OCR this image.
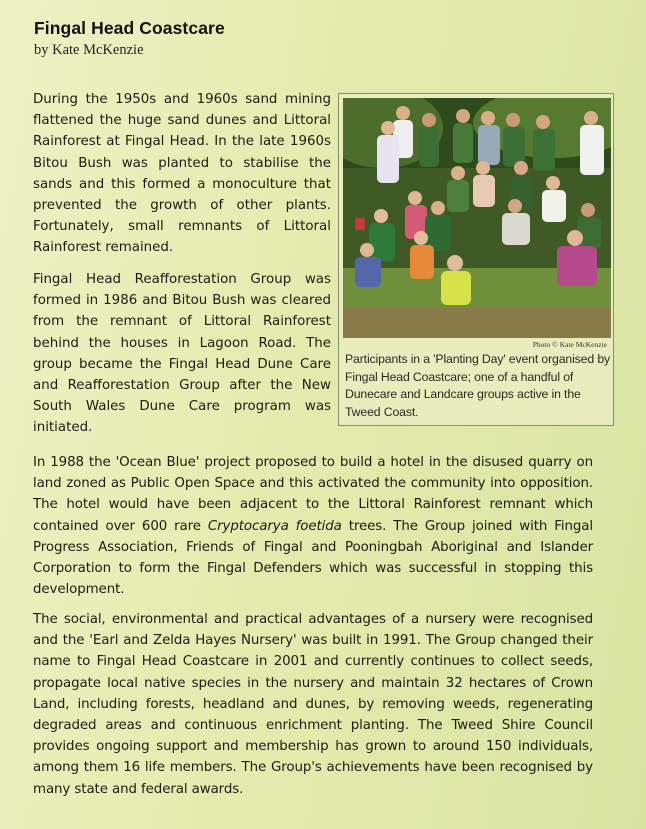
Fingal Head Coastcare
by Kate McKenzie

During the 1950s and 1960s sand mining flattened the huge sand dunes and Littoral Rainforest at Fingal Head. In the late 1960s Bitou Bush was planted to stabilise the sands and this formed a monoculture that prevented the growth of other plants. Fortunately, small remnants of Littoral Rainforest remained.

Fingal Head Reafforestation Group was formed in 1986 and Bitou Bush was cleared from the remnant of Littoral Rainforest behind the houses in Lagoon Road. The group became the Fingal Head Dune Care and Reafforestation Group after the New South Wales Dune Care program was initiated.

In 1988 the 'Ocean Blue' project proposed to build a hotel in the disused quarry on land zoned as Public Open Space and this activated the community into opposition. The hotel would have been adjacent to the Littoral Rainforest remnant which contained over 600 rare Cryptocarya foetida trees. The Group joined with Fingal Progress Association, Friends of Fingal and Pooningbah Aboriginal and Islander Corporation to form the Fingal Defenders which was successful in stopping this development.

The social, environmental and practical advantages of a nursery were recognised and the 'Earl and Zelda Hayes Nursery' was built in 1991. The Group changed their name to Fingal Head Coastcare in 2001 and currently continues to collect seeds, propagate local native species in the nursery and maintain 32 hectares of Crown Land, including forests, headland and dunes, by removing weeds, regenerating degraded areas and continuous enrichment planting. The Tweed Shire Council provides ongoing support and membership has grown to around 150 individuals, among them 16 life members. The Group's achievements have been recognised by many state and federal awards.

Photo © Kate McKenzie

Participants in a 'Planting Day' event organised by Fingal Head Coastcare; one of a handful of Dunecare and Landcare groups active in the Tweed Coast.
